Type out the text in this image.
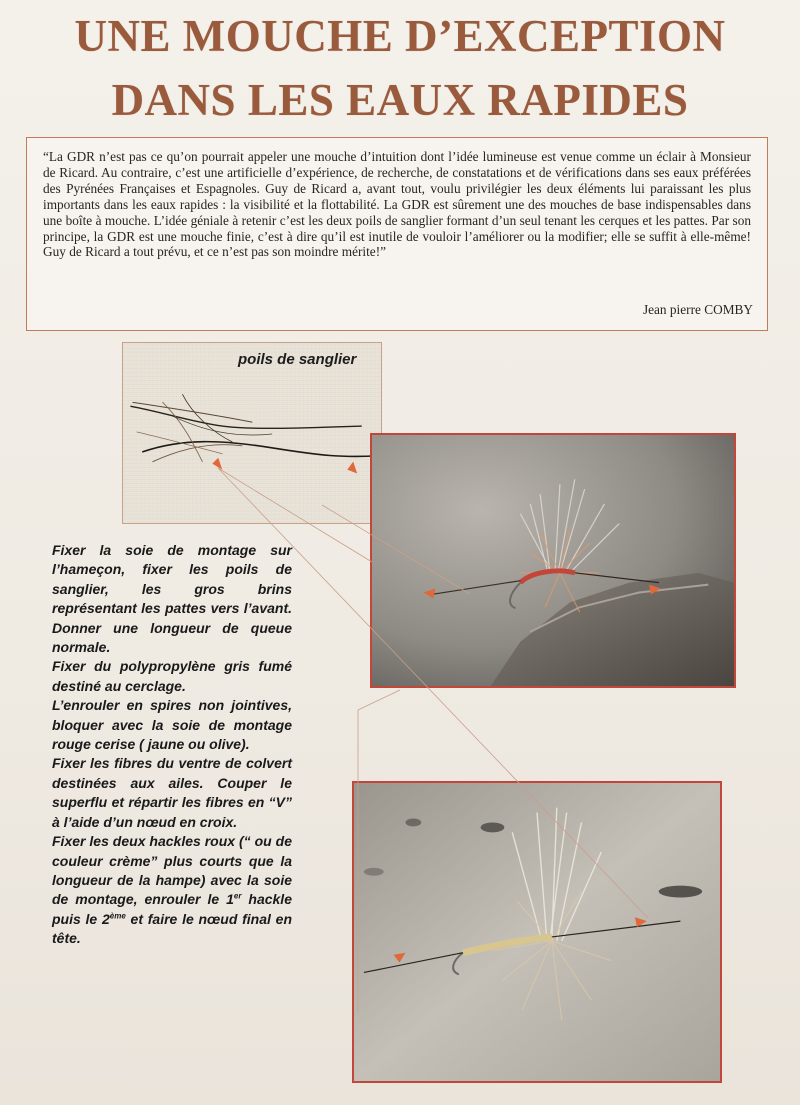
UNE MOUCHE D’EXCEPTION
DANS LES EAUX RAPIDES

“La GDR n’est pas ce qu’on pourrait appeler une mouche d’intuition dont l’idée lumineuse est venue comme un éclair à Monsieur de Ricard. Au contraire, c’est une artificielle d’expérience, de recherche, de constatations et de vérifications dans ses eaux préférées des Pyrénées Françaises et Espagnoles. Guy de Ricard a, avant tout, voulu privilégier les deux éléments lui paraissant les plus importants dans les eaux rapides : la visibilité et la flottabilité. La GDR est sûrement une des mouches de base indispensables dans une boîte à mouche. L’idée géniale à retenir c’est les deux poils de sanglier formant d’un seul tenant les cerques et les pattes. Par son principe, la GDR est une mouche finie, c’est à dire qu’il est inutile de vouloir l’améliorer ou la modifier; elle se suffit à elle-même! Guy de Ricard a tout prévu, et ce n’est pas son moindre mérite!”

Jean pierre COMBY

poils de sanglier

Fixer la soie de montage sur l’hameçon, fixer les poils de sanglier, les gros brins représentant les pattes vers l’avant. Donner une longueur de queue normale.

Fixer du polypropylène gris fumé destiné au cerclage.

L’enrouler en spires non jointives, bloquer avec la soie de montage rouge cerise ( jaune ou olive).

Fixer les fibres du ventre de colvert destinées aux ailes. Couper le superflu et répartir les fibres en “V” à l’aide d’un nœud en croix.

Fixer les deux hackles roux (“ ou de couleur crème” plus courts que la longueur de la hampe) avec la soie de montage, enrouler le 1er hackle puis le 2ème et faire le nœud final en tête.
